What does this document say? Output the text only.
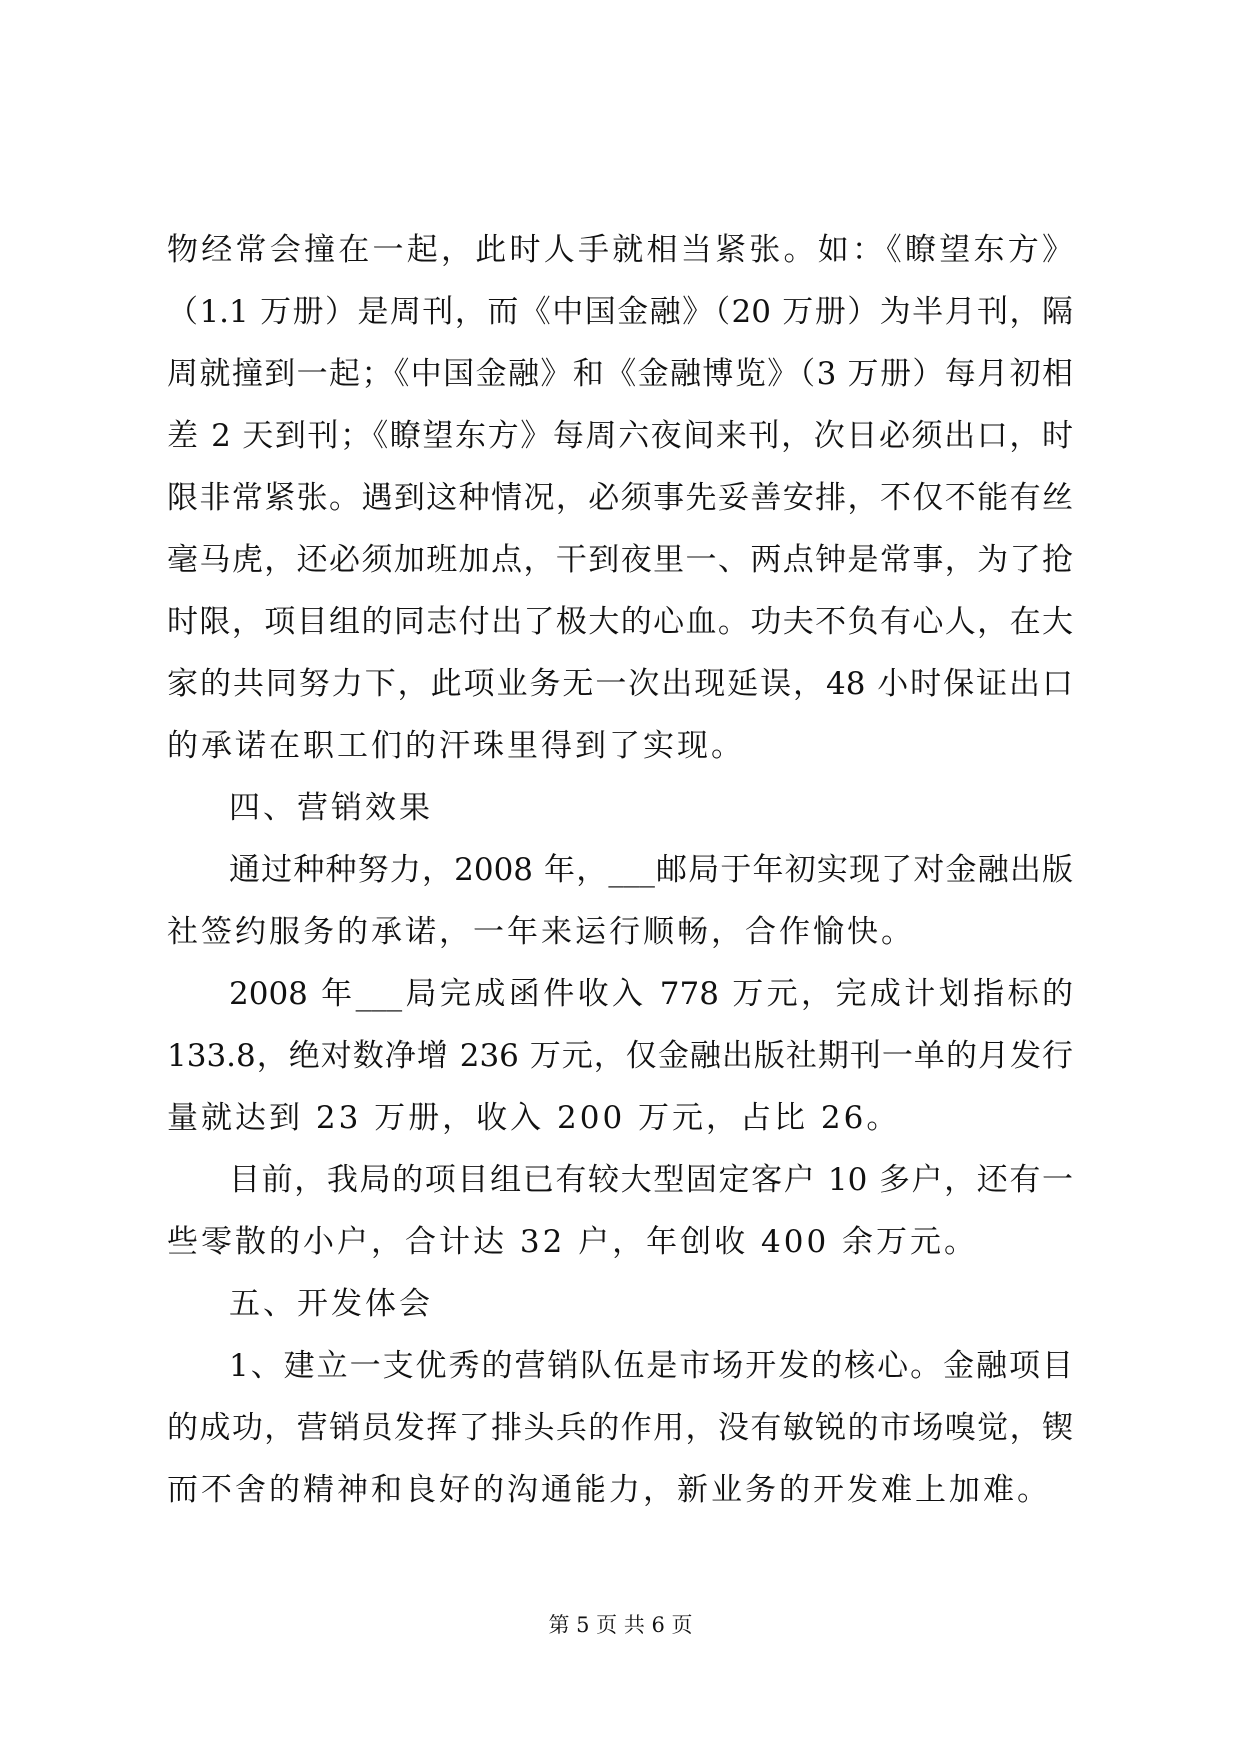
物经常会撞在一起，此时人手就相当紧张。如：《瞭望东方》
（1.1 万册）是周刊，而《中国金融》（20 万册）为半月刊，隔
周就撞到一起；《中国金融》和《金融博览》（3 万册）每月初相
差 2 天到刊；《瞭望东方》每周六夜间来刊，次日必须出口，时
限非常紧张。遇到这种情况，必须事先妥善安排，不仅不能有丝
毫马虎，还必须加班加点，干到夜里一、两点钟是常事，为了抢
时限，项目组的同志付出了极大的心血。功夫不负有心人，在大
家的共同努力下，此项业务无一次出现延误，48 小时保证出口
的承诺在职工们的汗珠里得到了实现。
四、营销效果
通过种种努力，2008 年，___邮局于年初实现了对金融出版
社签约服务的承诺，一年来运行顺畅，合作愉快。
2008 年___局完成函件收入 778 万元，完成计划指标的
133.8，绝对数净增 236 万元，仅金融出版社期刊一单的月发行
量就达到 23 万册，收入 200 万元，占比 26。
目前，我局的项目组已有较大型固定客户 10 多户，还有一
些零散的小户，合计达 32 户，年创收 400 余万元。
五、开发体会
1、建立一支优秀的营销队伍是市场开发的核心。金融项目
的成功，营销员发挥了排头兵的作用，没有敏锐的市场嗅觉，锲
而不舍的精神和良好的沟通能力，新业务的开发难上加难。
第 5 页 共 6 页
